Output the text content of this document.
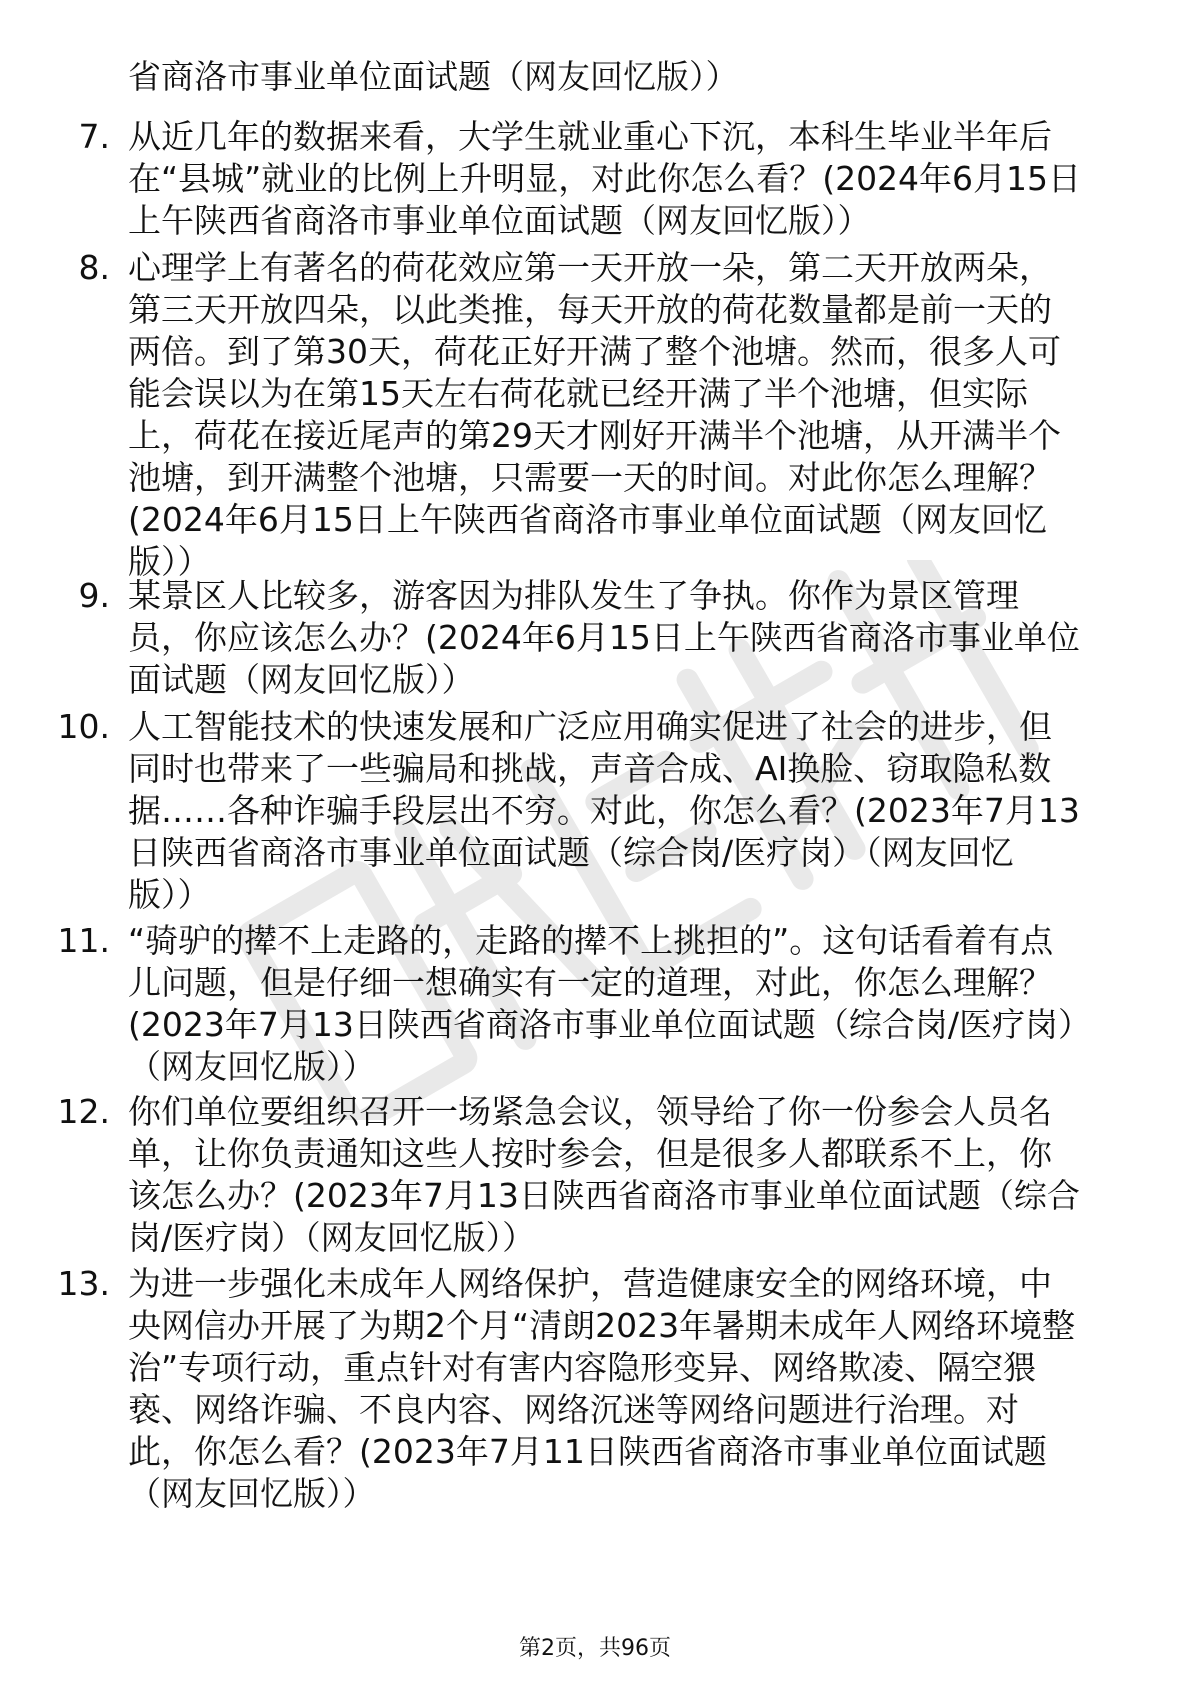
省商洛市事业单位面试题（网友回忆版））
7. 从近几年的数据来看，大学生就业重心下沉，本科生毕业半年后
在“县城”就业的比例上升明显，对此你怎么看？(2024年6月15日
上午陕西省商洛市事业单位面试题（网友回忆版））
8. 心理学上有著名的荷花效应第一天开放一朵，第二天开放两朵，
第三天开放四朵，以此类推，每天开放的荷花数量都是前一天的
两倍。到了第30天，荷花正好开满了整个池塘。然而，很多人可
能会误以为在第15天左右荷花就已经开满了半个池塘，但实际
上，荷花在接近尾声的第29天才刚好开满半个池塘，从开满半个
池塘，到开满整个池塘，只需要一天的时间。对此你怎么理解？
(2024年6月15日上午陕西省商洛市事业单位面试题（网友回忆
版））
9. 某景区人比较多，游客因为排队发生了争执。你作为景区管理
员，你应该怎么办？(2024年6月15日上午陕西省商洛市事业单位
面试题（网友回忆版））
10. 人工智能技术的快速发展和广泛应用确实促进了社会的进步，但
同时也带来了一些骗局和挑战，声音合成、AI换脸、窃取隐私数
据……各种诈骗手段层出不穷。对此，你怎么看？(2023年7月13
日陕西省商洛市事业单位面试题（综合岗/医疗岗）（网友回忆
版））
11. “骑驴的撵不上走路的，走路的撵不上挑担的”。这句话看着有点
儿问题，但是仔细一想确实有一定的道理，对此，你怎么理解？
(2023年7月13日陕西省商洛市事业单位面试题（综合岗/医疗岗）
（网友回忆版））
12. 你们单位要组织召开一场紧急会议，领导给了你一份参会人员名
单，让你负责通知这些人按时参会，但是很多人都联系不上，你
该怎么办？(2023年7月13日陕西省商洛市事业单位面试题（综合
岗/医疗岗）（网友回忆版））
13. 为进一步强化未成年人网络保护，营造健康安全的网络环境，中
央网信办开展了为期2个月“清朗2023年暑期未成年人网络环境整
治”专项行动，重点针对有害内容隐形变异、网络欺凌、隔空猥
亵、网络诈骗、不良内容、网络沉迷等网络问题进行治理。对
此，你怎么看？(2023年7月11日陕西省商洛市事业单位面试题
（网友回忆版））
第2页，共96页
